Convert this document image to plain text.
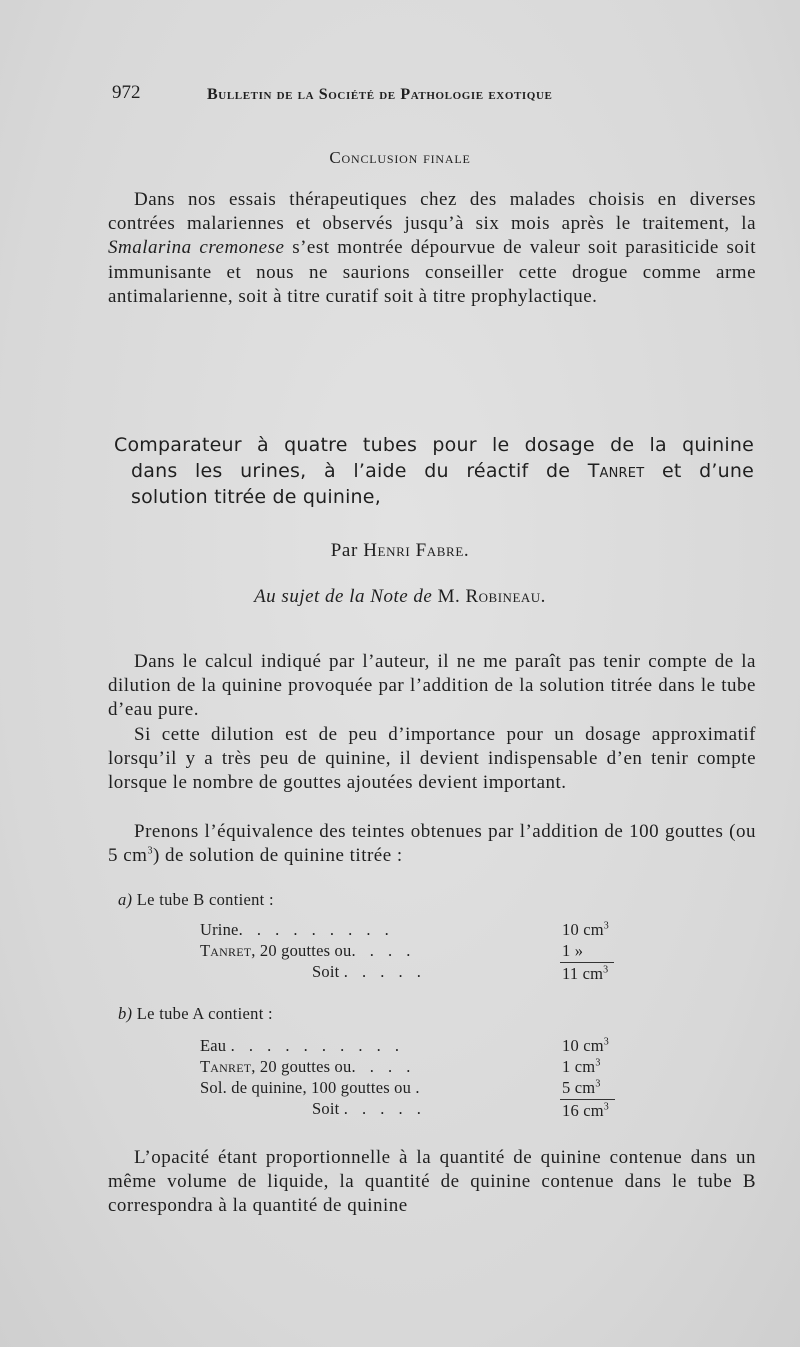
972	Bulletin de la Société de Pathologie exotique
Conclusion finale

Dans nos essais thérapeutiques chez des malades choisis en diverses contrées malariennes et observés jusqu’à six mois après le traitement, la Smalarina cremonese s’est montrée dépourvue de valeur soit parasiticide soit immunisante et nous ne saurions conseiller cette drogue comme arme antimalarienne, soit à titre curatif soit à titre prophylactique.

Comparateur à quatre tubes pour le dosage de la quinine
dans les urines, à l’aide du réactif de Tanret et d’une
solution titrée de quinine,
Par Henri Fabre.
Au sujet de la Note de M. Robineau.

Dans le calcul indiqué par l’auteur, il ne me paraît pas tenir compte de la dilution de la quinine provoquée par l’addition de la solution titrée dans le tube d’eau pure.

Si cette dilution est de peu d’importance pour un dosage approximatif lorsqu’il y a très peu de quinine, il devient indispensable d’en tenir compte lorsque le nombre de gouttes ajoutées devient important.

Prenons l’équivalence des teintes obtenues par l’addition de 100 gouttes (ou 5 $cm^3$) de solution de quinine titrée :

a) Le tube B contient :
Urine. . . . . . . . .	10 $cm^3$
Tanret, 20 gouttes ou. . . .	1 »
Soit . . . . .	11 $cm^3$
b) Le tube A contient :
Eau . . . . . . . . . .	10 $cm^3$
Tanret, 20 gouttes ou. . . .	1 $cm^3$
Sol. de quinine, 100 gouttes ou .	5 $cm^3$
Soit . . . . .	16 $cm^3$

L’opacité étant proportionnelle à la quantité de quinine contenue dans un même volume de liquide, la quantité de quinine contenue dans le tube B correspondra à la quantité de quinine
